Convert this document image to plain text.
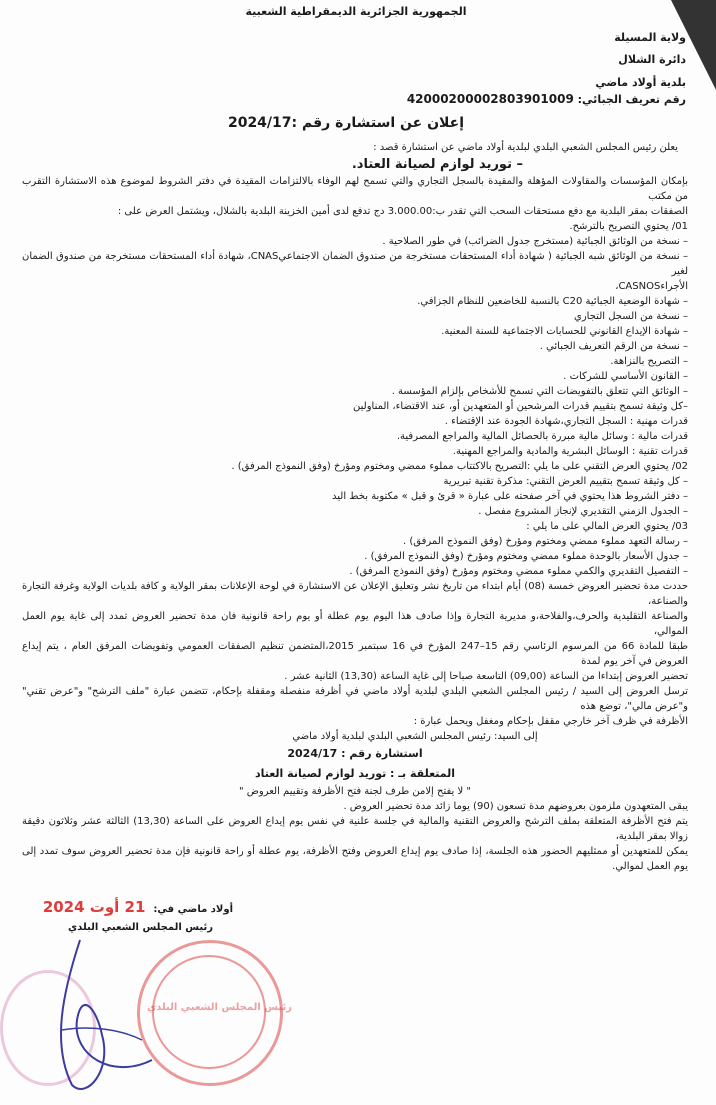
الجمهورية الجزائرية الديمقراطية الشعبية
ولاية المسيلة
دائرة الشلال
بلدية أولاد ماضي
رقم تعريف الجبائي: 42000200002803901009
إعلان عن استشارة رقم :2024/17
يعلن رئيس المجلس الشعبي البلدي لبلدية أولاد ماضي عن استشارة قصد :
– توريد لوازم لصيانة العتاد.
بإمكان المؤسسات والمقاولات المؤهلة والمقيدة بالسجل التجاري والتي تسمح لهم الوفاء بالالتزامات المقيدة في دفتر الشروط لموضوع هذه الاستشارة التقرب من مكتب
الصفقات بمقر البلدية مع دفع مستحقات السحب التي تقدر ب:3.000.00 دج تدفع لدى أمين الخزينة البلدية بالشلال، ويشتمل العرض على :
01/ يحتوي التصريح بالترشح.
– نسخة من الوثائق الجبائية (مستخرج جدول الضرائب) في طور الصلاحية .
– نسخة من الوثائق شبه الجبائية ( شهادة أداء المستحقات مستخرجة من صندوق الضمان الاجتماعيCNAS، شهادة أداء المستحقات مستخرجة من صندوق الضمان لغير
الأجراءCASNOS،
– شهادة الوضعية الجبائية C20 بالنسبة للخاضعين للنظام الجزافي.
– نسخة من السجل التجاري
– شهادة الإيداع القانوني للحسابات الاجتماعية للسنة المعنية.
– نسخة من الرقم التعريف الجبائي .
– التصريح بالنزاهة.
– القانون الأساسي للشركات .
– الوثائق التي تتعلق بالتفويضات التي تسمح للأشخاص بإلزام المؤسسة .
–كل وثيقة تسمح بتقييم قدرات المرشحين أو المتعهدين أو، عند الاقتضاء، المناولين
قدرات مهنية : السجل التجاري،شهادة الجودة عند الإقتضاء .
قدرات مالية : وسائل مالية مبررة بالحصائل المالية والمراجع المصرفية.
قدرات تقنية : الوسائل البشرية والمادية والمراجع المهنية.
02/ يحتوي العرض التقني على ما يلي :التصريح بالاكتتاب مملوء ممضي ومختوم ومؤرخ (وفق النموذج المرفق) .
– كل وثيقة تسمح بتقييم العرض التقني: مذكرة تقنية تبريرية
– دفتر الشروط هذا يحتوي في آخر صفحته على عبارة « قرئ و قبل » مكتوبة بخط اليد
– الجدول الزمني التقديري لإنجاز المشروع مفصل .
03/ يحتوي العرض المالي على ما يلي :
– رسالة التعهد مملوء ممضي ومختوم ومؤرخ (وفق النموذج المرفق) .
– جدول الأسعار بالوحدة مملوء ممضي ومختوم ومؤرخ (وفق النموذج المرفق) .
– التفصيل التقديري والكمي مملوء ممضي ومختوم ومؤرخ (وفق النموذج المرفق) .
حددت مدة تحضير العروض خمسة (08) أيام ابتداء من تاريخ نشر وتعليق الإعلان عن الاستشارة في لوحة الإعلانات بمقر الولاية و كافة بلديات الولاية وغرفة التجارة والصناعة،
والصناعة التقليدية والحرف،والفلاحة،و مديرية التجارة وإذا صادف هذا اليوم يوم عطلة أو يوم راحة قانونية فان مدة تحضير العروض تمدد إلى غاية يوم العمل الموالي،
طبقا للمادة 66 من المرسوم الرئاسي رقم 15–247 المؤرخ في 16 سبتمبر 2015،المتضمن تنظيم الصفقات العمومي وتفويضات المرفق العام ، يتم إيداع العروض في آخر يوم لمدة
تحضير العروض إبتداءا من الساعة (09,00) التاسعة صباحا إلى غاية الساعة (13,30) الثانية عشر .
ترسل العروض إلى السيد / رئيس المجلس الشعبي البلدي لبلدية أولاد ماضي في أظرفة منفصلة ومقفلة بإحكام، تتضمن عبارة "ملف الترشح" و"عرض تقني" و"عرض مالي"، توضع هذه
الأظرفة في ظرف آخر خارجي مقفل بإحكام ومغفل ويحمل عبارة :
إلى السيد: رئيس المجلس الشعبي البلدي لبلدية أولاد ماضي
استشارة رقم : 2024/17
المتعلقة بـ : توريد لوازم لصيانة العتاد
" لا يفتح إلامن طرف لجنة فتح الأظرفة وتقييم العروض "
يبقى المتعهدون ملزمون بعروضهم مدة تسعون (90) يوما زائد مدة تحضير العروض .
يتم فتح الأظرفة المتعلقة بملف الترشح والعروض التقنية والمالية في جلسة علنية في نفس يوم إيداع العروض على الساعة (13,30) الثالثة عشر وثلاثون دقيقة زوالا بمقر البلدية،
يمكن للمتعهدين أو ممثليهم الحضور هذه الجلسة، إذا صادف يوم إيداع العروض وفتح الأظرفة، يوم عطلة أو راحة قانونية فإن مدة تحضير العروض سوف تمدد إلى يوم العمل لموالي.
أولاد ماضي في:
21 أوت 2024
رئيس المجلس الشعبي البلدي
رئيس المجلس الشعبي البلدي
